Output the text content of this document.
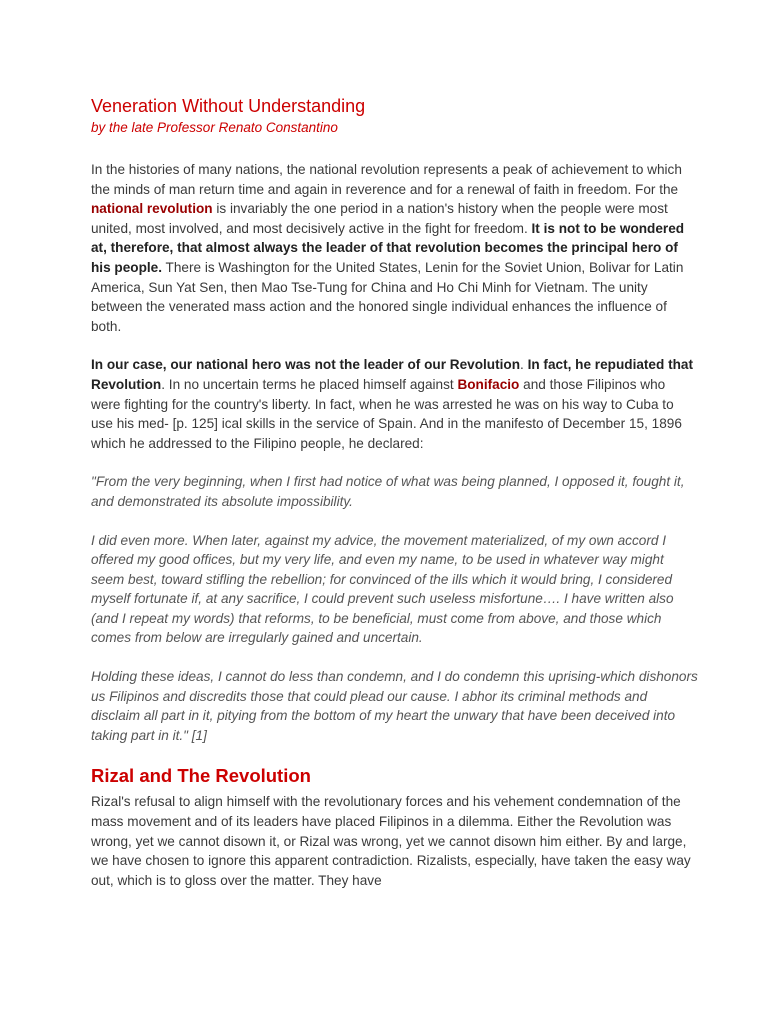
Veneration Without Understanding

by the late Professor Renato Constantino

In the histories of many nations, the national revolution represents a peak of achievement to which the minds of man return time and again in reverence and for a renewal of faith in freedom. For the national revolution is invariably the one period in a nation's history when the people were most united, most involved, and most decisively active in the fight for freedom. It is not to be wondered at, therefore, that almost always the leader of that revolution becomes the principal hero of his people. There is Washington for the United States, Lenin for the Soviet Union, Bolivar for Latin America, Sun Yat Sen, then Mao Tse-Tung for China and Ho Chi Minh for Vietnam. The unity between the venerated mass action and the honored single individual enhances the influence of both.

In our case, our national hero was not the leader of our Revolution. In fact, he repudiated that Revolution. In no uncertain terms he placed himself against Bonifacio and those Filipinos who were fighting for the country's liberty. In fact, when he was arrested he was on his way to Cuba to use his med- [p. 125] ical skills in the service of Spain. And in the manifesto of December 15, 1896 which he addressed to the Filipino people, he declared:

"From the very beginning, when I first had notice of what was being planned, I opposed it, fought it, and demonstrated its absolute impossibility.

I did even more. When later, against my advice, the movement materialized, of my own accord I offered my good offices, but my very life, and even my name, to be used in whatever way might seem best, toward stifling the rebellion; for convinced of the ills which it would bring, I considered myself fortunate if, at any sacrifice, I could prevent such useless misfortune…. I have written also (and I repeat my words) that reforms, to be beneficial, must come from above, and those which comes from below are irregularly gained and uncertain.

Holding these ideas, I cannot do less than condemn, and I do condemn this uprising-which dishonors us Filipinos and discredits those that could plead our cause. I abhor its criminal methods and disclaim all part in it, pitying from the bottom of my heart the unwary that have been deceived into taking part in it." [1]

Rizal and The Revolution

Rizal's refusal to align himself with the revolutionary forces and his vehement condemnation of the mass movement and of its leaders have placed Filipinos in a dilemma. Either the Revolution was wrong, yet we cannot disown it, or Rizal was wrong, yet we cannot disown him either. By and large, we have chosen to ignore this apparent contradiction. Rizalists, especially, have taken the easy way out, which is to gloss over the matter. They have
